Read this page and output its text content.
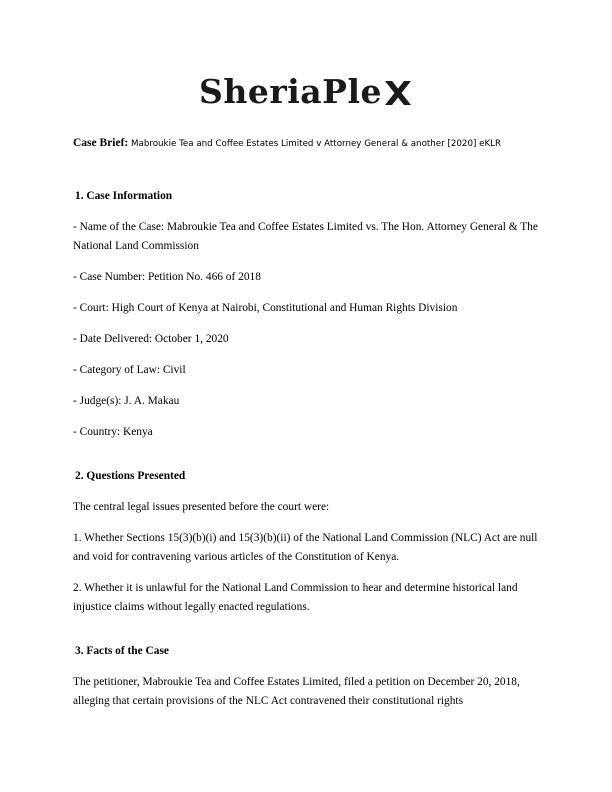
SheriaPle
Case Brief: Mabroukie Tea and Coffee Estates Limited v Attorney General & another [2020] eKLR
1. Case Information
- Name of the Case: Mabroukie Tea and Coffee Estates Limited vs. The Hon. Attorney General & The National Land Commission
- Case Number: Petition No. 466 of 2018
- Court: High Court of Kenya at Nairobi, Constitutional and Human Rights Division
- Date Delivered: October 1, 2020
- Category of Law: Civil
- Judge(s): J. A. Makau
- Country: Kenya
2. Questions Presented
The central legal issues presented before the court were:
1. Whether Sections 15(3)(b)(i) and 15(3)(b)(ii) of the National Land Commission (NLC) Act are null and void for contravening various articles of the Constitution of Kenya.
2. Whether it is unlawful for the National Land Commission to hear and determine historical land injustice claims without legally enacted regulations.
3. Facts of the Case
The petitioner, Mabroukie Tea and Coffee Estates Limited, filed a petition on December 20, 2018, alleging that certain provisions of the NLC Act contravened their constitutional rights
